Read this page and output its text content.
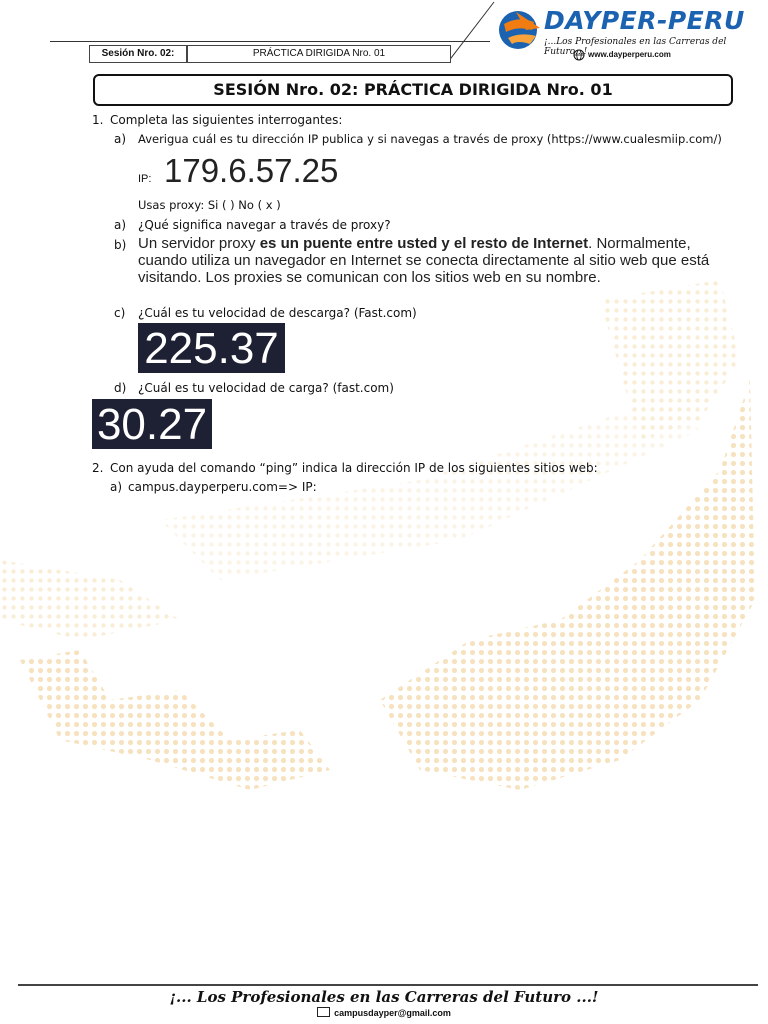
Sesión Nro. 02:	PRÁCTICA DIRIGIDA Nro. 01
DAYPER-PERU
¡...Los Profesionales en las Carreras del Futuro...! www.dayperperu.com
SESIÓN Nro. 02: PRÁCTICA DIRIGIDA Nro. 01
1. Completa las siguientes interrogantes:
a) Averigua cuál es tu dirección IP publica y si navegas a través de proxy (https://www.cualesmiip.com/)
IP: 179.6.57.25
Usas proxy: Si ( ) No ( x )
a) ¿Qué significa navegar a través de proxy?
b) Un servidor proxy es un puente entre usted y el resto de Internet. Normalmente, cuando utiliza un navegador en Internet se conecta directamente al sitio web que está visitando. Los proxies se comunican con los sitios web en su nombre.
c) ¿Cuál es tu velocidad de descarga? (Fast.com)
225.37
d) ¿Cuál es tu velocidad de carga? (fast.com)
30.27
2. Con ayuda del comando “ping” indica la dirección IP de los siguientes sitios web:
a) campus.dayperperu.com=> IP:
¡... Los Profesionales en las Carreras del Futuro ...!
campusdayper@gmail.com
